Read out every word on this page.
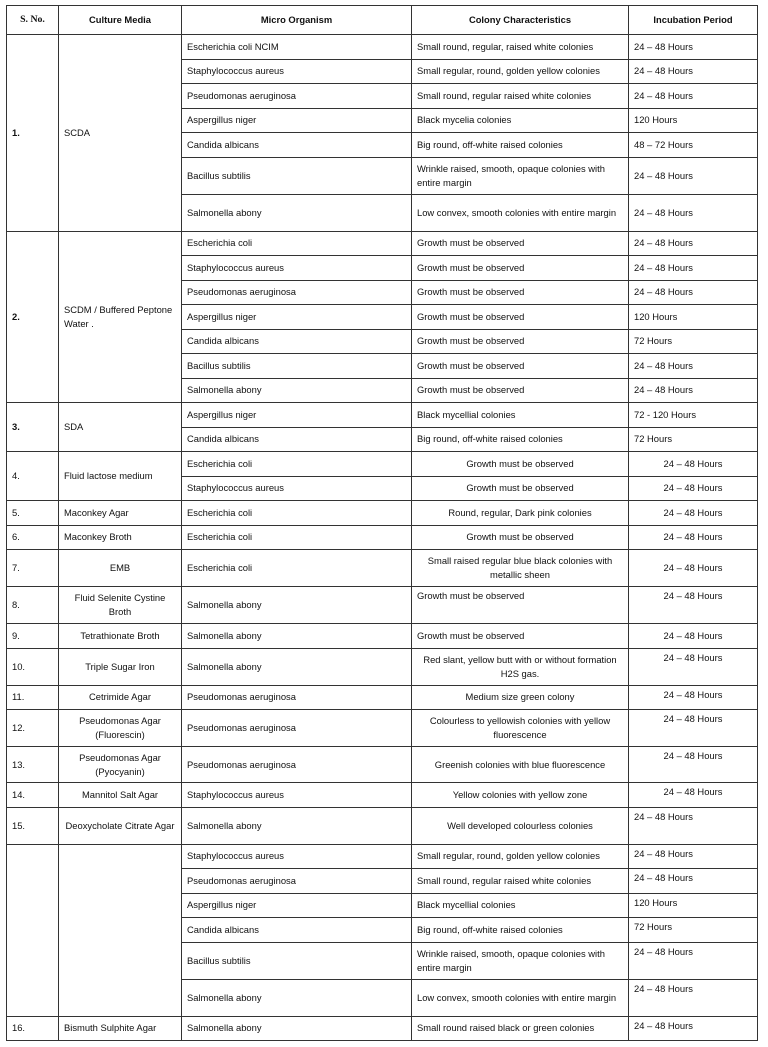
S. No.	Culture Media	Micro Organism	Colony Characteristics	Incubation Period
1.	SCDA	Escherichia coli NCIM	Small round, regular, raised white colonies	24 – 48 Hours
		Staphylococcus aureus	Small regular, round, golden yellow colonies	24 – 48 Hours
		Pseudomonas aeruginosa	Small round, regular raised white colonies	24 – 48 Hours
		Aspergillus niger	Black mycelia colonies	120 Hours
		Candida albicans	Big round, off-white raised colonies	48 – 72 Hours
		Bacillus subtilis	Wrinkle raised, smooth, opaque colonies with entire margin	24 – 48 Hours
		Salmonella abony	Low convex, smooth colonies with entire margin	24 – 48 Hours
2.	SCDM / Buffered Peptone Water .	Escherichia coli	Growth must be observed	24 – 48 Hours
		Staphylococcus aureus	Growth must be observed	24 – 48 Hours
		Pseudomonas aeruginosa	Growth must be observed	24 – 48 Hours
		Aspergillus niger	Growth must be observed	120 Hours
		Candida albicans	Growth must be observed	72 Hours
		Bacillus subtilis	Growth must be observed	24 – 48 Hours
		Salmonella abony	Growth must be observed	24 – 48 Hours
3.	SDA	Aspergillus niger	Black mycellial colonies	72 - 120 Hours
		Candida albicans	Big round, off-white raised colonies	72 Hours
4.	Fluid lactose medium	Escherichia coli	Growth must be observed	24 – 48 Hours
		Staphylococcus aureus	Growth must be observed	24 – 48 Hours
5.	Maconkey Agar	Escherichia coli	Round, regular, Dark pink colonies	24 – 48 Hours
6.	Maconkey Broth	Escherichia coli	Growth must be observed	24 – 48 Hours
7.	EMB	Escherichia coli	Small raised regular blue black colonies with metallic sheen	24 – 48 Hours
8.	Fluid Selenite Cystine Broth	Salmonella abony	Growth must be observed	24 – 48 Hours
9.	Tetrathionate Broth	Salmonella abony	Growth must be observed	24 – 48 Hours
10.	Triple Sugar Iron	Salmonella abony	Red slant, yellow butt with or without formation H2S gas.	24 – 48 Hours
11.	Cetrimide Agar	Pseudomonas aeruginosa	Medium size green colony	24 – 48 Hours
12.	Pseudomonas Agar (Fluorescin)	Pseudomonas aeruginosa	Colourless to yellowish colonies with yellow fluorescence	24 – 48 Hours
13.	Pseudomonas Agar (Pyocyanin)	Pseudomonas aeruginosa	Greenish colonies with blue fluorescence	24 – 48 Hours
14.	Mannitol Salt Agar	Staphylococcus aureus	Yellow colonies with yellow zone	24 – 48 Hours
15.	Deoxycholate Citrate Agar	Salmonella abony	Well developed colourless colonies	24 – 48 Hours
		Staphylococcus aureus	Small regular, round, golden yellow colonies	24 – 48 Hours
		Pseudomonas aeruginosa	Small round, regular raised white colonies	24 – 48 Hours
		Aspergillus niger	Black mycellial colonies	120 Hours
		Candida albicans	Big round, off-white raised colonies	72 Hours
		Bacillus subtilis	Wrinkle raised, smooth, opaque colonies with entire margin	24 – 48 Hours
		Salmonella abony	Low convex, smooth colonies with entire margin	24 – 48 Hours
16.	Bismuth Sulphite Agar	Salmonella abony	Small round raised black or green colonies	24 – 48 Hours
